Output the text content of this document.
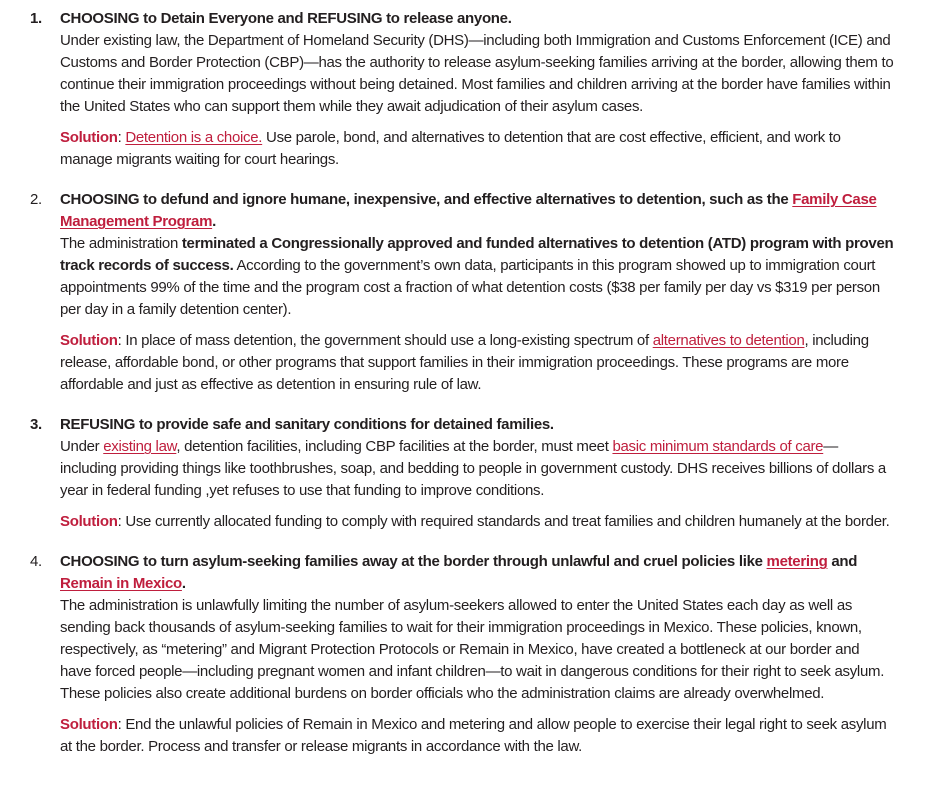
1.	CHOOSING to Detain Everyone and REFUSING to release anyone.
Under existing law, the Department of Homeland Security (DHS)—including both Immigration and Customs Enforcement (ICE) and Customs and Border Protection (CBP)—has the authority to release asylum-seeking families arriving at the border, allowing them to continue their immigration proceedings without being detained. Most families and children arriving at the border have families within the United States who can support them while they await adjudication of their asylum cases.

Solution: Detention is a choice. Use parole, bond, and alternatives to detention that are cost effective, efficient, and work to manage migrants waiting for court hearings.

2.	CHOOSING to defund and ignore humane, inexpensive, and effective alternatives to detention, such as the Family Case Management Program.
The administration terminated a Congressionally approved and funded alternatives to detention (ATD) program with proven track records of success. According to the government’s own data, participants in this program showed up to immigration court appointments 99% of the time and the program cost a fraction of what detention costs ($38 per family per day vs $319 per person per day in a family detention center).

Solution: In place of mass detention, the government should use a long-existing spectrum of alternatives to detention, including release, affordable bond, or other programs that support families in their immigration proceedings. These programs are more affordable and just as effective as detention in ensuring rule of law.

3.	REFUSING to provide safe and sanitary conditions for detained families.
Under existing law, detention facilities, including CBP facilities at the border, must meet basic minimum standards of care—including providing things like toothbrushes, soap, and bedding to people in government custody. DHS receives billions of dollars a year in federal funding ,yet refuses to use that funding to improve conditions.

Solution: Use currently allocated funding to comply with required standards and treat families and children humanely at the border.

4.	CHOOSING to turn asylum-seeking families away at the border through unlawful and cruel policies like metering and Remain in Mexico.
The administration is unlawfully limiting the number of asylum-seekers allowed to enter the United States each day as well as sending back thousands of asylum-seeking families to wait for their immigration proceedings in Mexico. These policies, known, respectively, as “metering” and Migrant Protection Protocols or Remain in Mexico, have created a bottleneck at our border and have forced people—including pregnant women and infant children—to wait in dangerous conditions for their right to seek asylum. These policies also create additional burdens on border officials who the administration claims are already overwhelmed.

Solution: End the unlawful policies of Remain in Mexico and metering and allow people to exercise their legal right to seek asylum at the border. Process and transfer or release migrants in accordance with the law.
